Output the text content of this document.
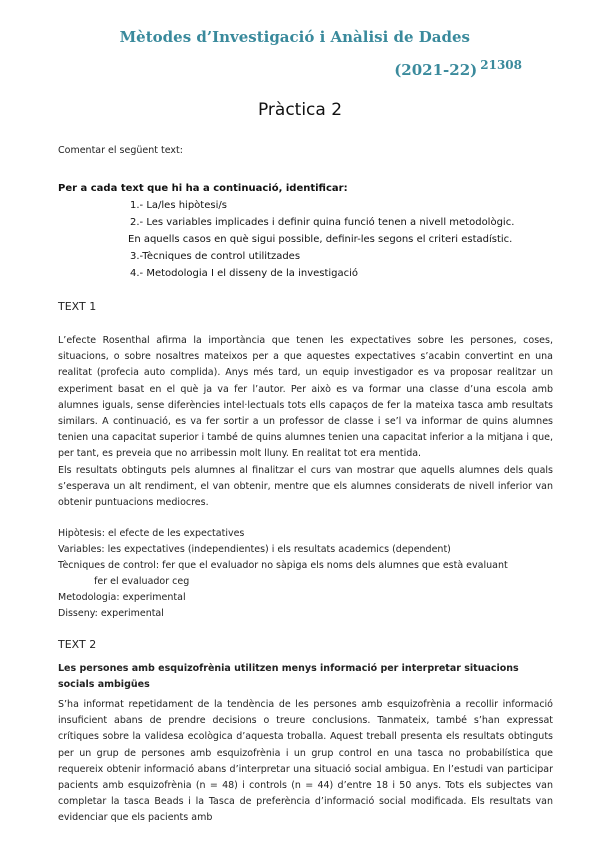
Mètodes d’Investigació i Anàlisi de Dades
(2021-22) $^{21308}$
Pràctica 2
Comentar el següent text:
Per a cada text que hi ha a continuació, identificar:
1.- La/les hipòtesi/s
2.- Les variables implicades i definir quina funció tenen a nivell metodològic.
En aquells casos en què sigui possible, definir-les segons el criteri estadístic.
3.-Tècniques de control utilitzades
4.- Metodologia I el disseny de la investigació
TEXT 1
L’efecte Rosenthal afirma la importància que tenen les expectatives sobre les persones, coses, situacions, o sobre nosaltres mateixos per a que aquestes expectatives s’acabin convertint en una realitat (profecia auto complida). Anys més tard, un equip investigador es va proposar realitzar un experiment basat en el què ja va fer l’autor. Per això es va formar una classe d’una escola amb alumnes iguals, sense diferències intel·lectuals tots ells capaços de fer la mateixa tasca amb resultats similars. A continuació, es va fer sortir a un professor de classe i se’l va informar de quins alumnes tenien una capacitat superior i també de quins alumnes tenien una capacitat inferior a la mitjana i que, per tant, es preveia que no arribessin molt lluny. En realitat tot era mentida.
Els resultats obtinguts pels alumnes al finalitzar el curs van mostrar que aquells alumnes dels quals s’esperava un alt rendiment, el van obtenir, mentre que els alumnes considerats de nivell inferior van obtenir puntuacions mediocres.
Hipòtesis: el efecte de les expectatives
Variables: les expectatives (independientes) i els resultats academics (dependent)
Tècniques de control: fer que el evaluador no sàpiga els noms dels alumnes que està evaluant
fer el evaluador ceg
Metodologia: experimental
Disseny: experimental
TEXT 2
Les persones amb esquizofrènia utilitzen menys informació per interpretar situacions socials ambigües
S’ha informat repetidament de la tendència de les persones amb esquizofrènia a recollir informació insuficient abans de prendre decisions o treure conclusions. Tanmateix, també s’han expressat crítiques sobre la validesa ecològica d’aquesta troballa. Aquest treball presenta els resultats obtinguts per un grup de persones amb esquizofrènia i un grup control en una tasca no probabilística que requereix obtenir informació abans d’interpretar una situació social ambigua. En l’estudi van participar pacients amb esquizofrènia (n = 48) i controls (n = 44) d’entre 18 i 50 anys. Tots els subjectes van completar la tasca Beads i la Tasca de preferència d’informació social modificada. Els resultats van evidenciar que els pacients amb
